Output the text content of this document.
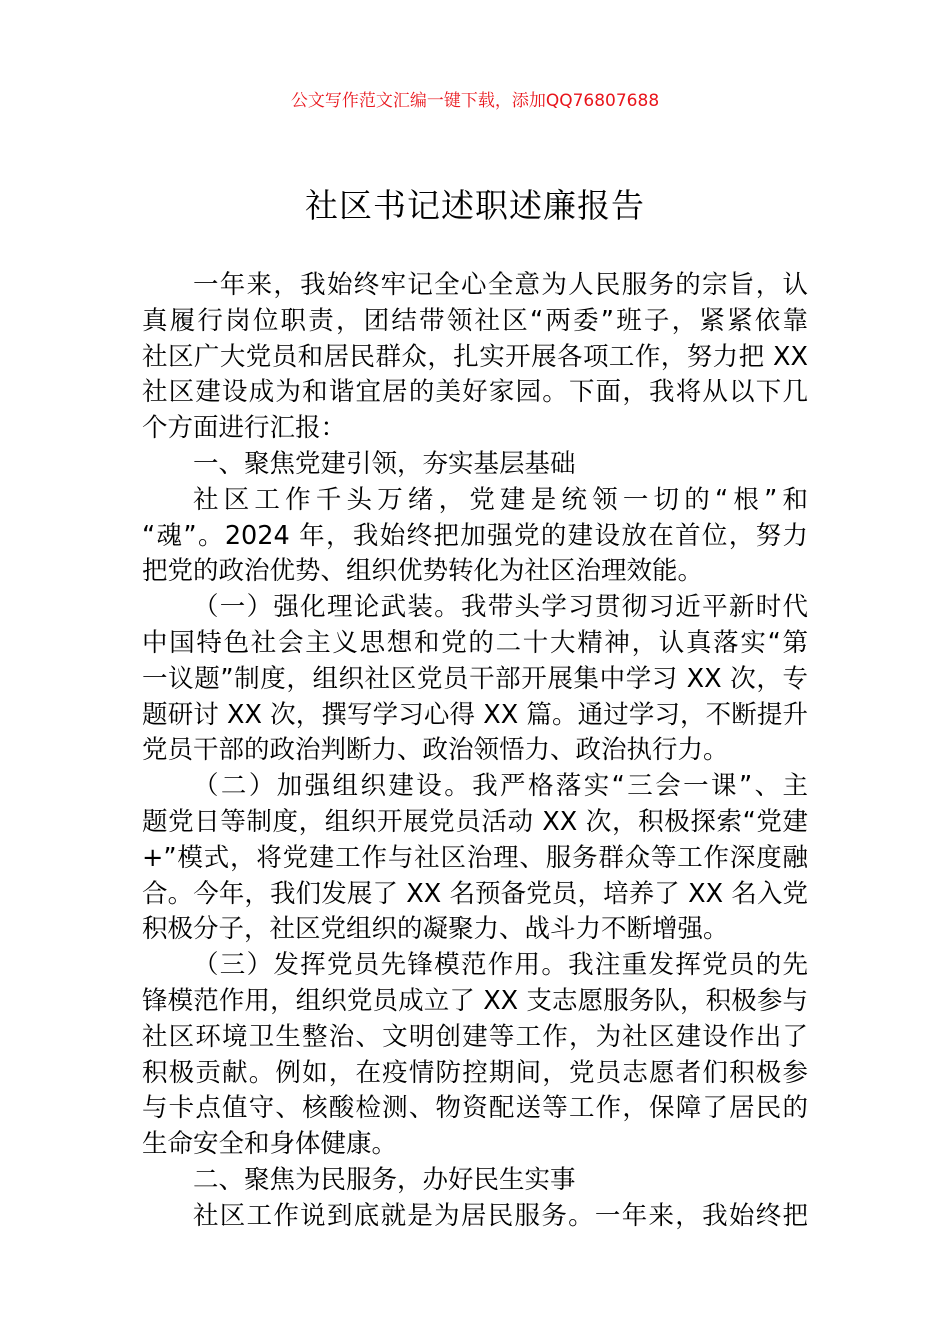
公文写作范文汇编一键下载，添加QQ76807688
社区书记述职述廉报告
一年来，我始终牢记全心全意为人民服务的宗旨，认
真履行岗位职责，团结带领社区“两委”班子，紧紧依靠
社区广大党员和居民群众，扎实开展各项工作，努力把 XX
社区建设成为和谐宜居的美好家园。下面，我将从以下几
个方面进行汇报：
一、聚焦党建引领，夯实基层基础
社区工作千头万绪，党建是统领一切的“根”和
“魂”。2024 年，我始终把加强党的建设放在首位，努力
把党的政治优势、组织优势转化为社区治理效能。
（一）强化理论武装。我带头学习贯彻习近平新时代
中国特色社会主义思想和党的二十大精神，认真落实“第
一议题”制度，组织社区党员干部开展集中学习 XX 次，专
题研讨 XX 次，撰写学习心得 XX 篇。通过学习，不断提升
党员干部的政治判断力、政治领悟力、政治执行力。
（二）加强组织建设。我严格落实“三会一课”、主
题党日等制度，组织开展党员活动 XX 次，积极探索“党建
+”模式，将党建工作与社区治理、服务群众等工作深度融
合。今年，我们发展了 XX 名预备党员，培养了 XX 名入党
积极分子，社区党组织的凝聚力、战斗力不断增强。
（三）发挥党员先锋模范作用。我注重发挥党员的先
锋模范作用，组织党员成立了 XX 支志愿服务队，积极参与
社区环境卫生整治、文明创建等工作，为社区建设作出了
积极贡献。例如，在疫情防控期间，党员志愿者们积极参
与卡点值守、核酸检测、物资配送等工作，保障了居民的
生命安全和身体健康。
二、聚焦为民服务，办好民生实事
社区工作说到底就是为居民服务。一年来，我始终把
